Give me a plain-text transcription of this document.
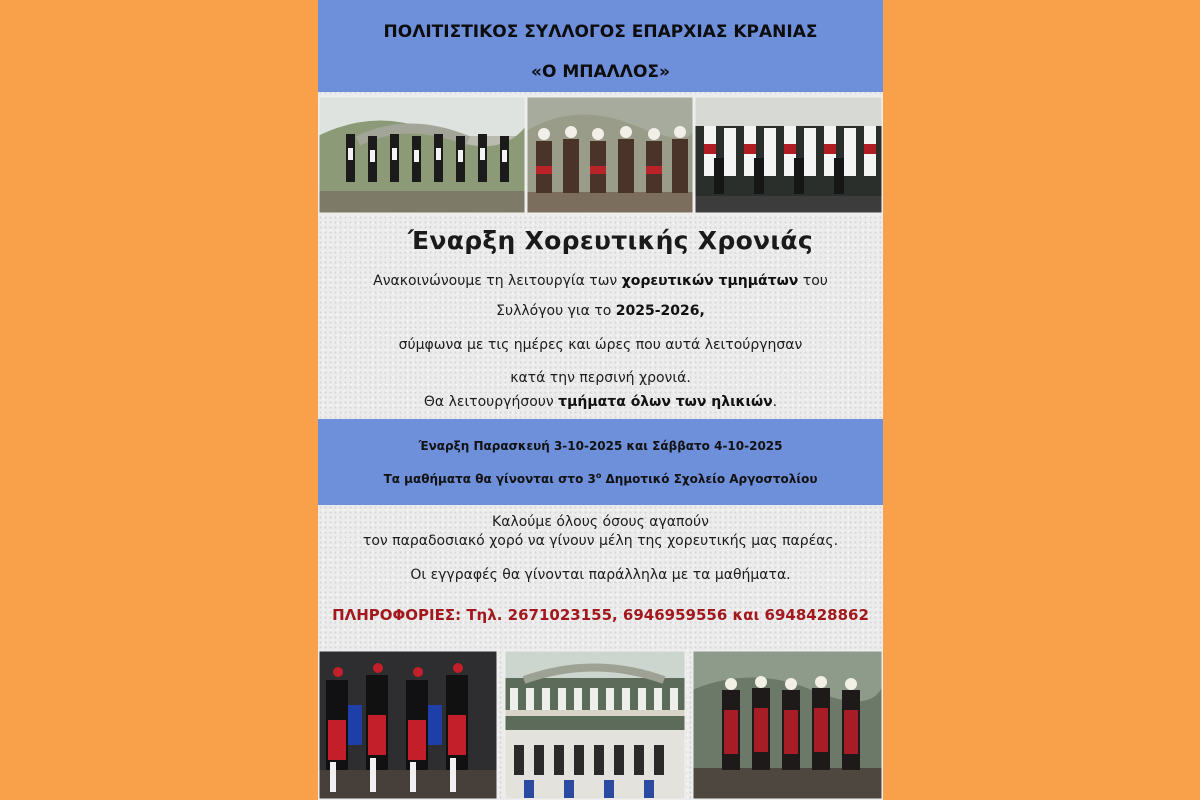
ΠΟΛΙΤΙΣΤΙΚΟΣ ΣΥΛΛΟΓΟΣ ΕΠΑΡΧΙΑΣ ΚΡΑΝΙΑΣ
«Ο ΜΠΑΛΛΟΣ»
Έναρξη Χορευτικής Χρονιάς
Ανακοινώνουμε τη λειτουργία των χορευτικών τμημάτων του
Συλλόγου για το 2025-2026,
σύμφωνα με τις ημέρες και ώρες που αυτά λειτούργησαν
κατά την περσινή χρονιά.
Θα λειτουργήσουν τμήματα όλων των ηλικιών.
Έναρξη Παρασκευή 3-10-2025 και Σάββατο 4-10-2025
Τα μαθήματα θα γίνονται στο $3^o$ Δημοτικό Σχολείο Αργοστολίου
Καλούμε όλους όσους αγαπούν
τον παραδοσιακό χορό να γίνουν μέλη της χορευτικής μας παρέας.
Οι εγγραφές θα γίνονται παράλληλα με τα μαθήματα.
ΠΛΗΡΟΦΟΡΙΕΣ: Τηλ. 2671023155, 6946959556 και 6948428862
